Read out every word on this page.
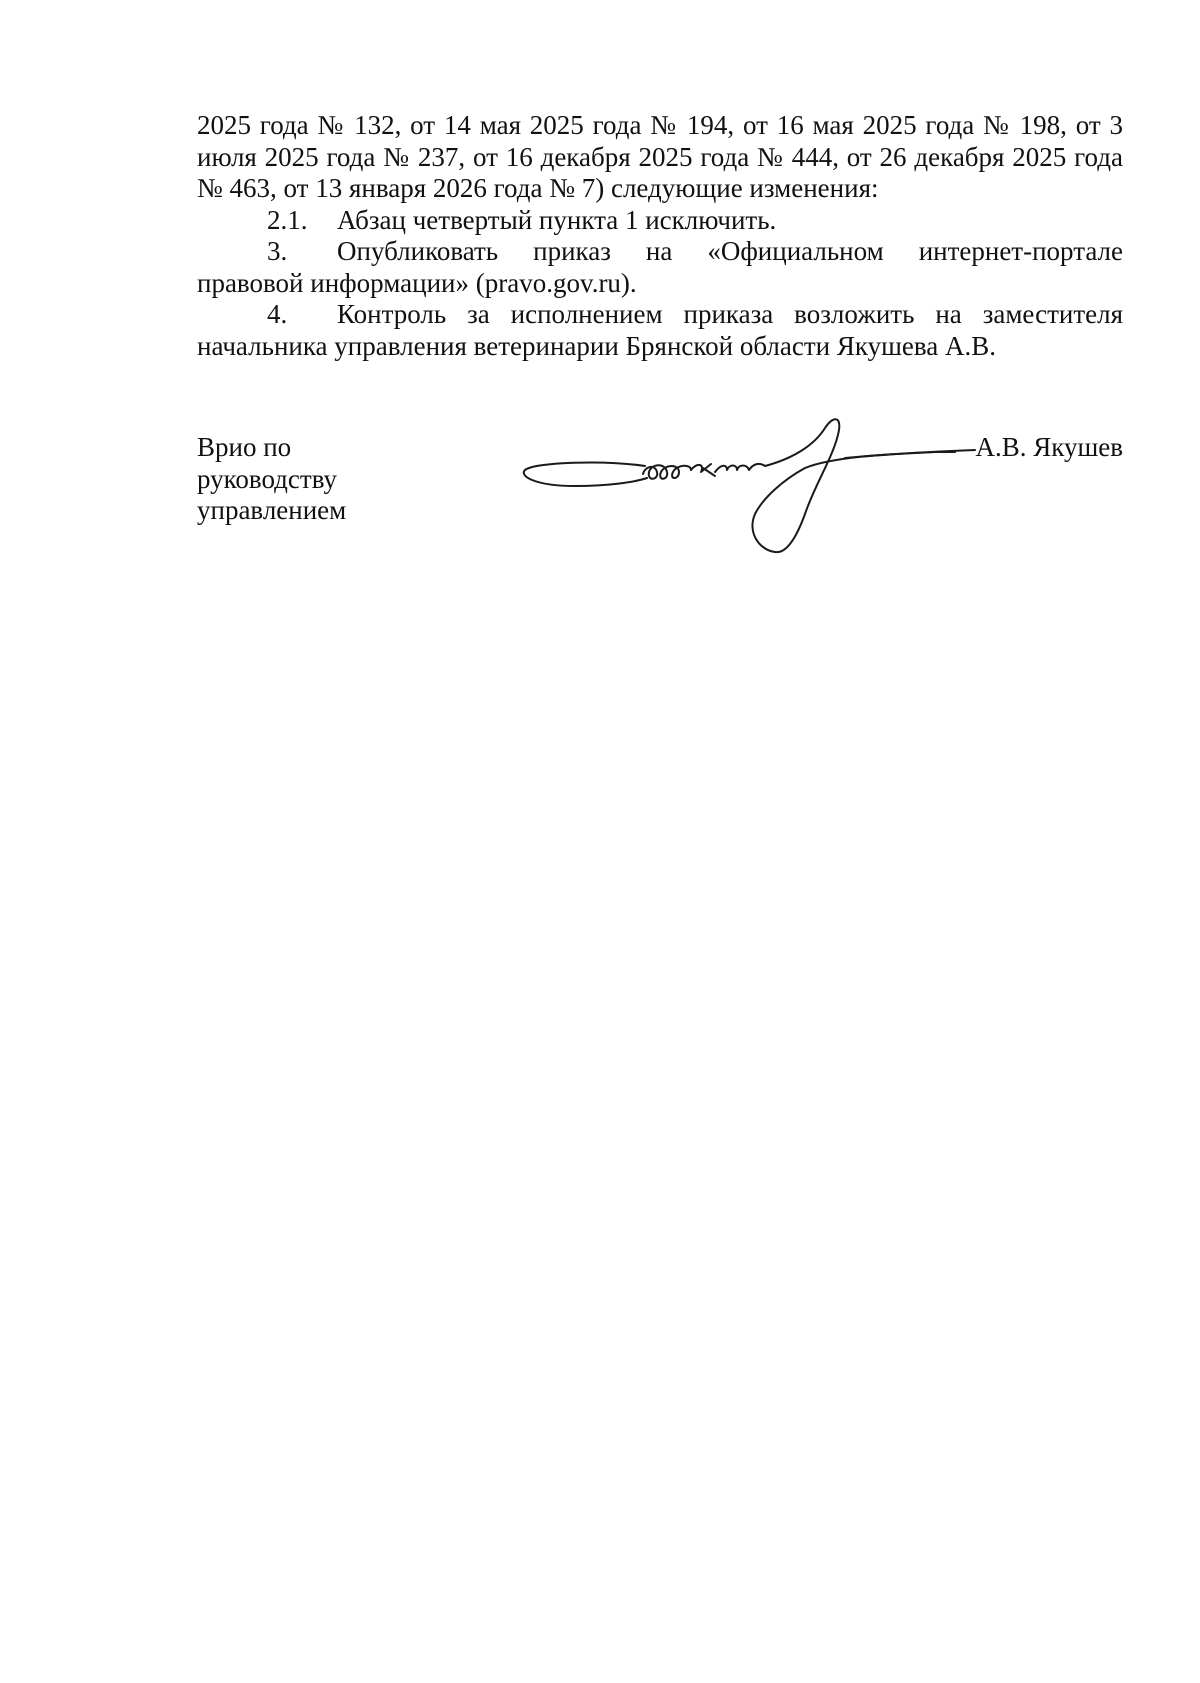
2025 года № 132, от 14 мая 2025 года № 194, от 16 мая 2025 года № 198, от 3 июля 2025 года № 237, от 16 декабря 2025 года № 444, от 26 декабря 2025 года № 463, от 13 января 2026 года № 7) следующие изменения:

2.1. Абзац четвертый пункта 1 исключить.

3. Опубликовать приказ на «Официальном интернет-портале правовой информации» (pravo.gov.ru).

4. Контроль за исполнением приказа возложить на заместителя начальника управления ветеринарии Брянской области Якушева А.В.

Врио по
руководству
управлением
А.В. Якушев
